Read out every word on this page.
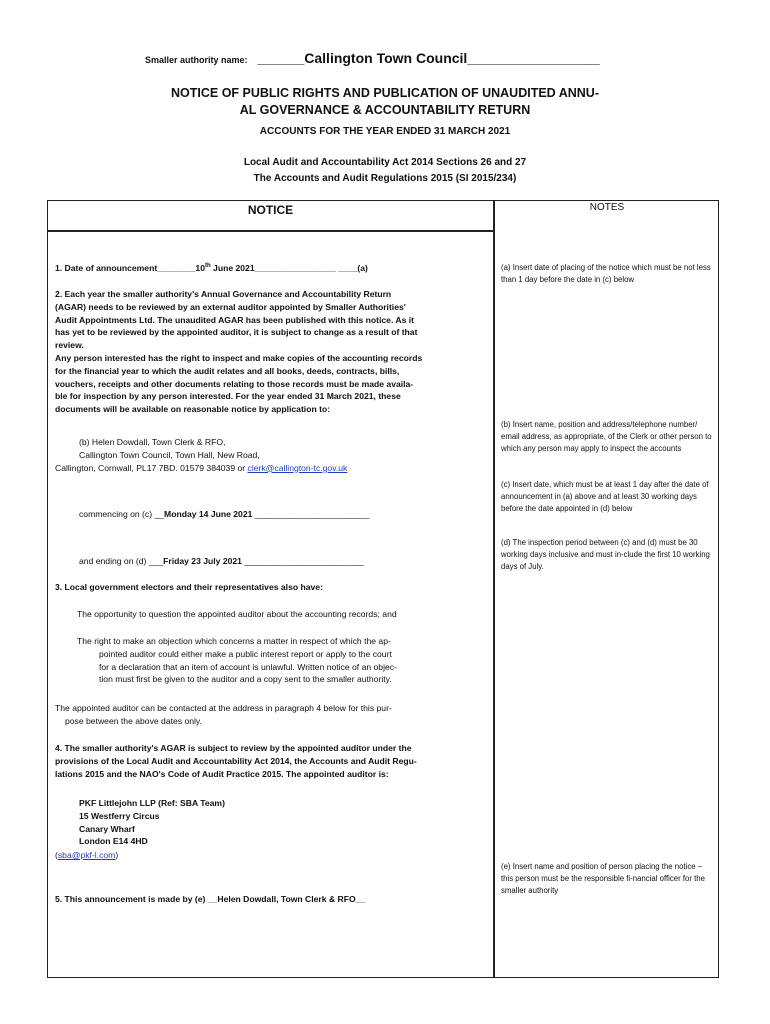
Smaller authority name: ______Callington Town Council_________________
NOTICE OF PUBLIC RIGHTS AND PUBLICATION OF UNAUDITED ANNU-
AL GOVERNANCE & ACCOUNTABILITY RETURN
ACCOUNTS FOR THE YEAR ENDED 31 MARCH 2021
Local Audit and Accountability Act 2014 Sections 26 and 27
The Accounts and Audit Regulations 2015 (SI 2015/234)
NOTICE	NOTES
1. Date of announcement________10th June 2021_________________ ____(a)
2. Each year the smaller authority's Annual Governance and Accountability Return
(AGAR) needs to be reviewed by an external auditor appointed by Smaller Authorities'
Audit Appointments Ltd. The unaudited AGAR has been published with this notice. As it
has yet to be reviewed by the appointed auditor, it is subject to change as a result of that
review.
Any person interested has the right to inspect and make copies of the accounting records
for the financial year to which the audit relates and all books, deeds, contracts, bills,
vouchers, receipts and other documents relating to those records must be made availa-
ble for inspection by any person interested. For the year ended 31 March 2021, these
documents will be available on reasonable notice by application to:
(b) Helen Dowdall, Town Clerk & RFO,
Callington Town Council, Town Hall, New Road,
Callington, Cornwall, PL17 7BD. 01579 384039 or clerk@callington-tc.gov.uk
commencing on (c) __Monday 14 June 2021 ________________________
and ending on (d) ___Friday 23 July 2021 _________________________
3. Local government electors and their representatives also have:
The opportunity to question the appointed auditor about the accounting records; and
The right to make an objection which concerns a matter in respect of which the ap-
pointed auditor could either make a public interest report or apply to the court
for a declaration that an item of account is unlawful. Written notice of an objec-
tion must first be given to the auditor and a copy sent to the smaller authority.
The appointed auditor can be contacted at the address in paragraph 4 below for this pur-
pose between the above dates only.
4. The smaller authority's AGAR is subject to review by the appointed auditor under the
provisions of the Local Audit and Accountability Act 2014, the Accounts and Audit Regu-
lations 2015 and the NAO's Code of Audit Practice 2015. The appointed auditor is:
PKF Littlejohn LLP (Ref: SBA Team)
15 Westferry Circus
Canary Wharf
London E14 4HD
(sba@pkf-l.com)
5. This announcement is made by (e) __Helen Dowdall, Town Clerk & RFO__
(a) Insert date of placing of the notice which must be not less than 1 day before the date in (c) below
(b) Insert name, position and address/telephone number/ email address, as appropriate, of the Clerk or other person to which any person may apply to inspect the accounts
(c) Insert date, which must be at least 1 day after the date of announcement in (a) above and at least 30 working days before the date appointed in (d) below
(d) The inspection period between (c) and (d) must be 30 working days inclusive and must in-clude the first 10 working days of July.
(e) Insert name and position of person placing the notice – this person must be the responsible fi-nancial officer for the smaller authority
